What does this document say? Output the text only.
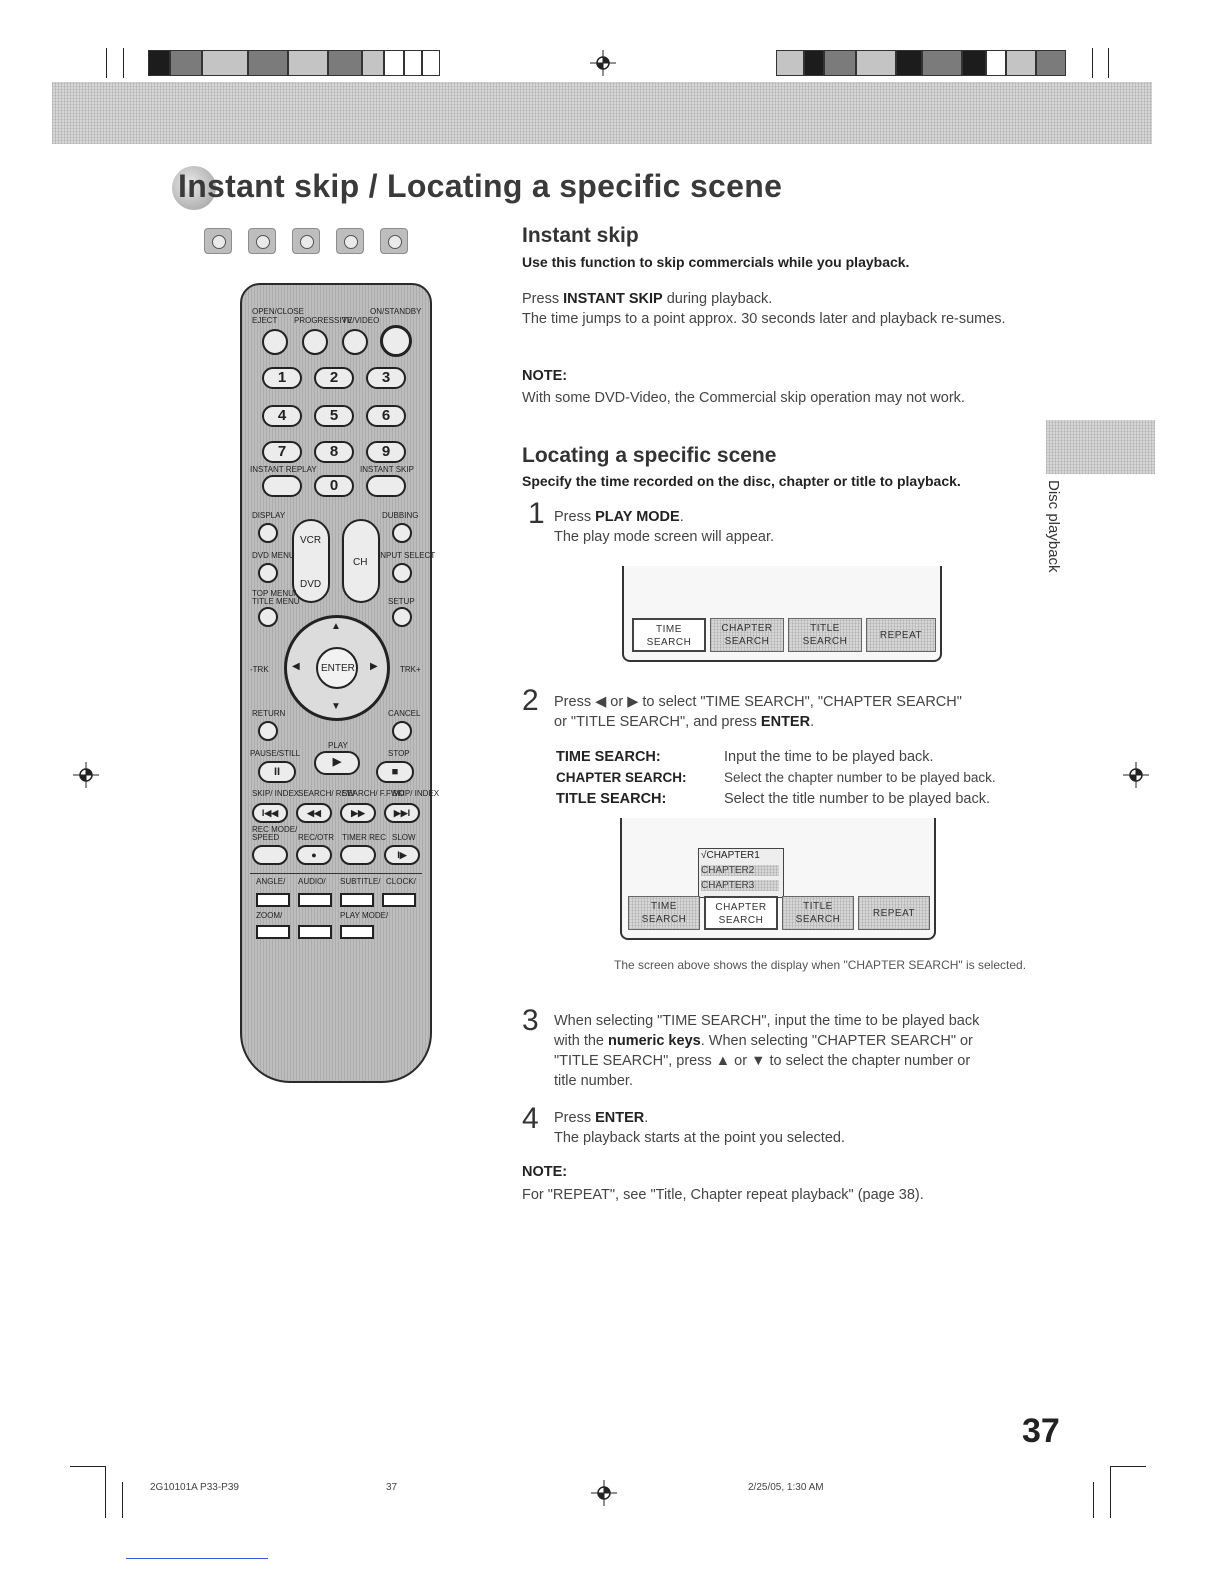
Instant skip / Locating a specific scene
OPEN/CLOSE
EJECT PROGRESSIVE
TV/VIDEO
ON/STANDBY
1	2	3
4	5	6
7	8	9
INSTANT REPLAY	INSTANT SKIP
0
DISPLAY	DUBBING
VCR
DVD
CH
DVD MENU	INPUT SELECT
TOP MENU/
TITLE MENU	SETUP
ENTER
▲
▼
◀	▶
-TRK	TRK+
RETURN	CANCEL
PAUSE/STILL
PLAY
STOP
II
▶
■
SKIP/ INDEX
SEARCH/ REW
SEARCH/ F.FWD
SKIP/ INDEX
I◀◀	◀◀	▶▶	▶▶I
REC MODE/
SPEED REC/OTR TIMER REC SLOW
●	I▶
ANGLE/ AUDIO/ SUBTITLE/ CLOCK/
ZOOM/	PLAY MODE/
Instant skip
Use this function to skip commercials while you playback.
Press INSTANT SKIP during playback.
The time jumps to a point approx. 30 seconds later and playback re-sumes.
NOTE:
With some DVD-Video, the Commercial skip operation may not work.
Disc playback
Locating a specific scene
Specify the time recorded on the disc, chapter or title to playback.
1 Press PLAY MODE.
The play mode screen will appear.
TIME
SEARCH
CHAPTER
SEARCH
TITLE
SEARCH
REPEAT
2 Press ◀ or ▶ to select "TIME SEARCH", "CHAPTER SEARCH"
or "TITLE SEARCH", and press ENTER.
TIME SEARCH:	Input the time to be played back.
CHAPTER SEARCH:	Select the chapter number to be played back.
TITLE SEARCH:	Select the title number to be played back.
√CHAPTER1
CHAPTER2
CHAPTER3
TIME
SEARCH
CHAPTER
SEARCH
TITLE
SEARCH
REPEAT
The screen above shows the display when "CHAPTER SEARCH" is selected.
3 When selecting "TIME SEARCH", input the time to be played back
with the numeric keys. When selecting "CHAPTER SEARCH" or
"TITLE SEARCH", press ▲ or ▼ to select the chapter number or
title number.
4 Press ENTER.
The playback starts at the point you selected.
NOTE:
For "REPEAT", see "Title, Chapter repeat playback" (page 38).
37
2G10101A P33-P39	37	2/25/05, 1:30 AM
